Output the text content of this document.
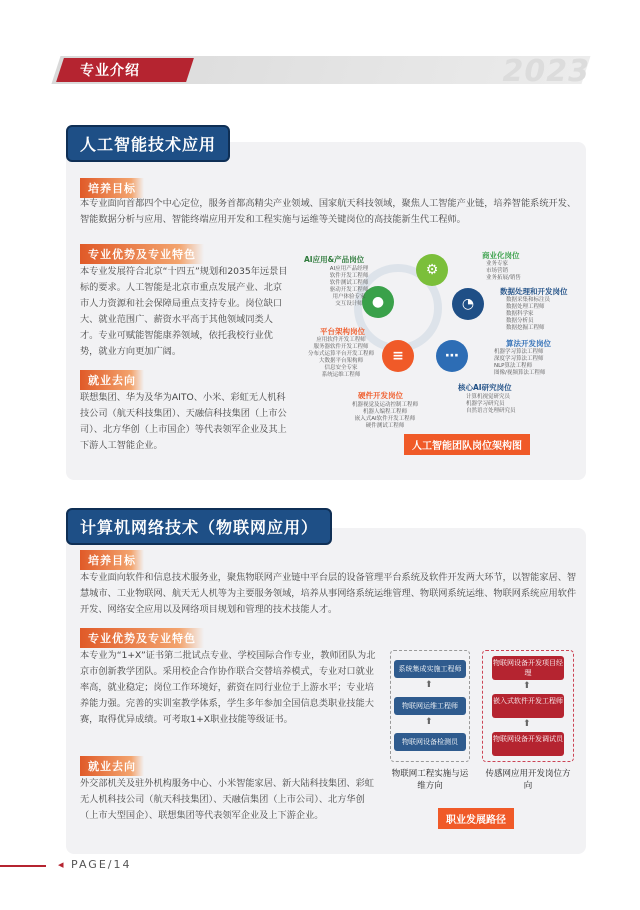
专业介绍	2023
人工智能技术应用
培养目标
本专业面向首都四个中心定位，服务首都高精尖产业领域、国家航天科技领域，聚焦人工智能产业链，培养智能系统开发、智能数据分析与应用、智能终端应用开发和工程实施与运维等关键岗位的高技能新生代工程师。
专业优势及专业特色
本专业发展符合北京“十四五”规划和2035年远景目标的要求。人工智能是北京市重点发展产业、北京市人力资源和社会保障局重点支持专业。岗位缺口大、就业范围广、薪资水平高于其他领域同类人才。专业可赋能智能康养领域，依托我校行业优势，就业方向更加广阔。
就业去向
联想集团、华为及华为AITO、小米、彩虹无人机科技公司（航天科技集团）、天融信科技集团（上市公司）、北方华创（上市国企）等代表领军企业及其上下游人工智能企业。
⚙
◔
⋯
≡
●
AI应用&产品岗位
AI应用产品经理
软件开发工程师
软件测试工程师
驱动开发工程师
用户体验专家
交互设计师
商业化岗位
业务专家
市场营销
业务拓展/销售
数据处理和开发岗位
数据采集和标注员
数据处理工程师
数据科学家
数据分析员
数据挖掘工程师
算法开发岗位
机器学习算法工程师
深度学习算法工程师
NLP算法工程师
图像/视频算法工程师
核心AI研究岗位
计算机视觉研究员
机器学习研究员
自然语言处理研究员
平台架构岗位
应用软件开发工程师
服务器软件开发工程师
分布式运算平台开发工程师
大数据平台架构师
信息安全专家
系统运维工程师
硬件开发岗位
机器视觉及运动控制工程师
机器人编程工程师
嵌入式AI软件开发工程师
硬件测试工程师
人工智能团队岗位架构图
计算机网络技术（物联网应用）
培养目标
本专业面向软件和信息技术服务业，聚焦物联网产业链中平台层的设备管理平台系统及软件开发两大环节，以智能家居、智慧城市、工业物联网、航天无人机等为主要服务领域，培养从事网络系统运维管理、物联网系统运维、物联网系统应用软件开发、网络安全应用以及网络项目规划和管理的技术技能人才。
专业优势及专业特色
本专业为“1+X”证书第二批试点专业、学校国际合作专业，教师团队为北京市创新教学团队。采用校企合作协作联合交替培养模式，专业对口就业率高，就业稳定；岗位工作环境好，薪资在同行业位于上游水平；专业培养能力强。完善的实训室教学体系，学生多年参加全国信息类职业技能大赛，取得优异成绩。可考取1+X职业技能等级证书。
就业去向
外交部机关及驻外机构服务中心、小米智能家居、新大陆科技集团、彩虹无人机科技公司（航天科技集团）、天融信集团（上市公司）、北方华创（上市大型国企）、联想集团等代表领军企业及上下游企业。
系统集成实施工程师
⬆
物联网运维工程师
⬆
物联网设备检测员
物联网设备开发项目经理
⬆
嵌入式软件开发工程师
⬆
物联网设备开发调试员
物联网工程实施与运维方向
传感网应用开发岗位方向
职业发展路径
◂ PAGE/14
